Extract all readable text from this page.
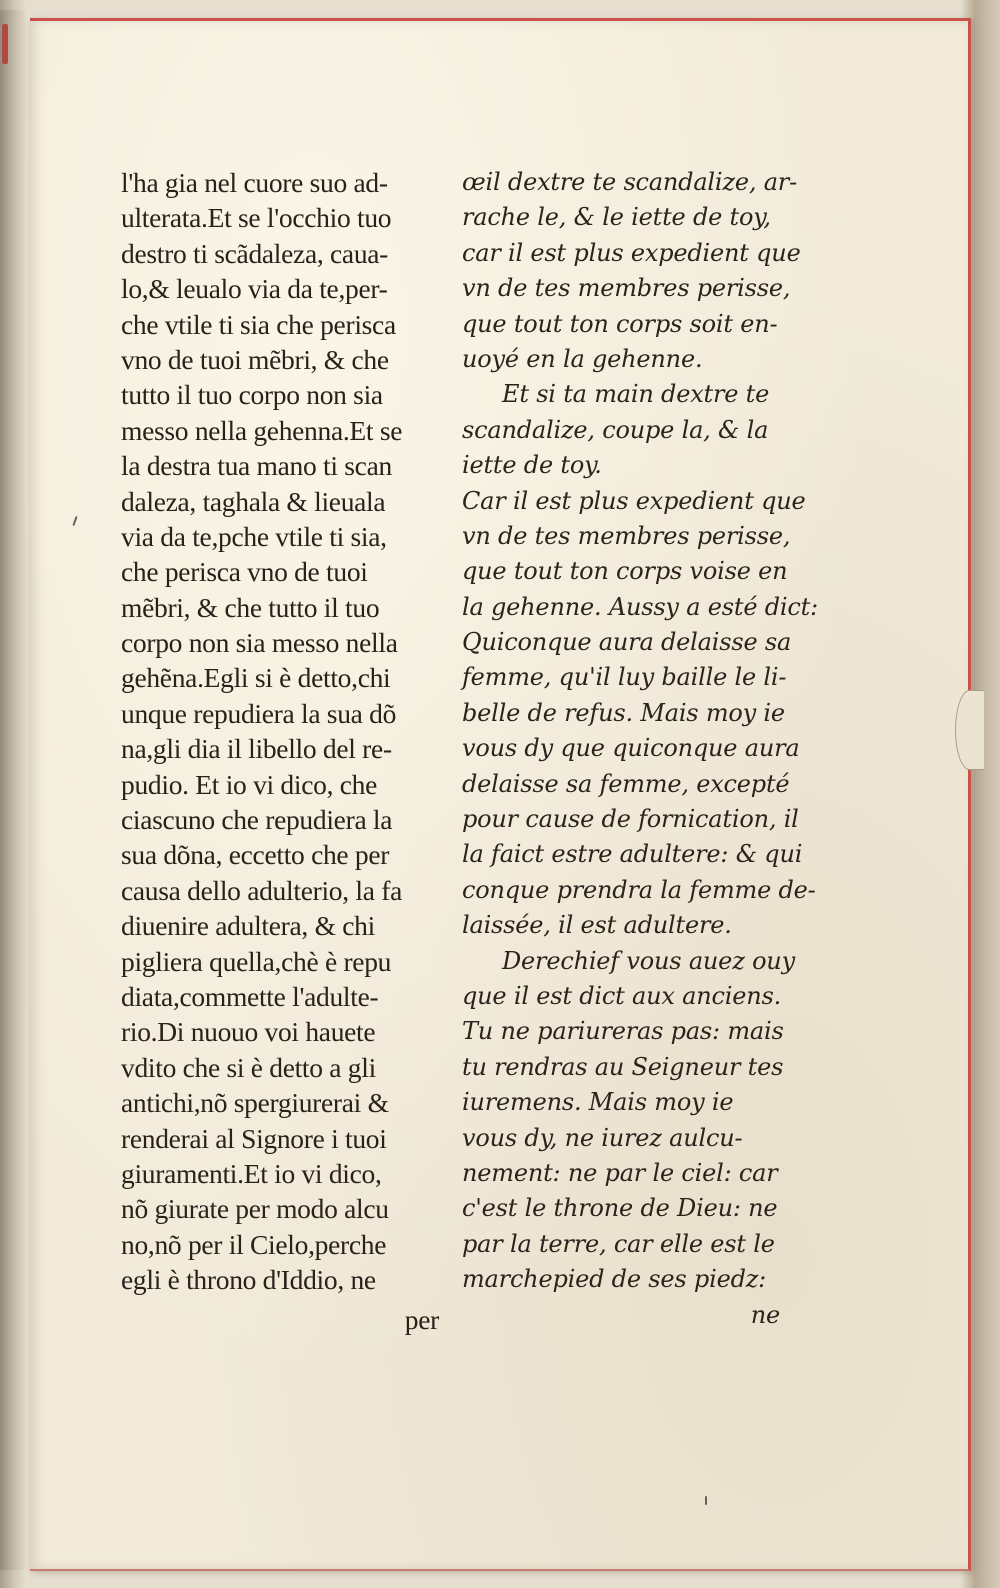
l'ha gia nel cuore suo ad-
ulterata.Et se l'occhio tuo
destro ti scãdaleza, caua-
lo,& leualo via da te,per-
che vtile ti sia che perisca
vno de tuoi mẽbri, & che
tutto il tuo corpo non sia
messo nella gehenna.Et se
la destra tua mano ti scan
daleza, taghala & lieuala
via da te,pche vtile ti sia,
che perisca vno de tuoi
mẽbri, & che tutto il tuo
corpo non sia messo nella
gehẽna.Egli si è detto,chi
unque repudiera la sua dõ
na,gli dia il libello del re-
pudio. Et io vi dico, che
ciascuno che repudiera la
sua dõna, eccetto che per
causa dello adulterio, la fa
diuenire adultera, & chi
pigliera quella,chè è repu
diata,commette l'adulte-
rio.Di nuouo voi hauete
vdito che si è detto a gli
antichi,nõ spergiurerai &
renderai al Signore i tuoi
giuramenti.Et io vi dico,
nõ giurate per modo alcu
no,nõ per il Cielo,perche
egli è throno d'Iddio, ne
per
œil dextre te scandalize, ar-
rache le, & le iette de toy,
car il est plus expedient que
vn de tes membres perisse,
que tout ton corps soit en-
uoyé en la gehenne.
Et si ta main dextre te
scandalize, coupe la, & la
iette de toy.
Car il est plus expedient que
vn de tes membres perisse,
que tout ton corps voise en
la gehenne. Aussy a esté dict:
Quiconque aura delaisse sa
femme, qu'il luy baille le li-
belle de refus. Mais moy ie
vous dy que quiconque aura
delaisse sa femme, excepté
pour cause de fornication, il
la faict estre adultere: & qui
conque prendra la femme de-
laissée, il est adultere.
Derechief vous auez ouy
que il est dict aux anciens.
Tu ne pariureras pas: mais
tu rendras au Seigneur tes
iuremens. Mais moy ie
vous dy, ne iurez aulcu-
nement: ne par le ciel: car
c'est le throne de Dieu: ne
par la terre, car elle est le
marchepied de ses piedz:
ne
